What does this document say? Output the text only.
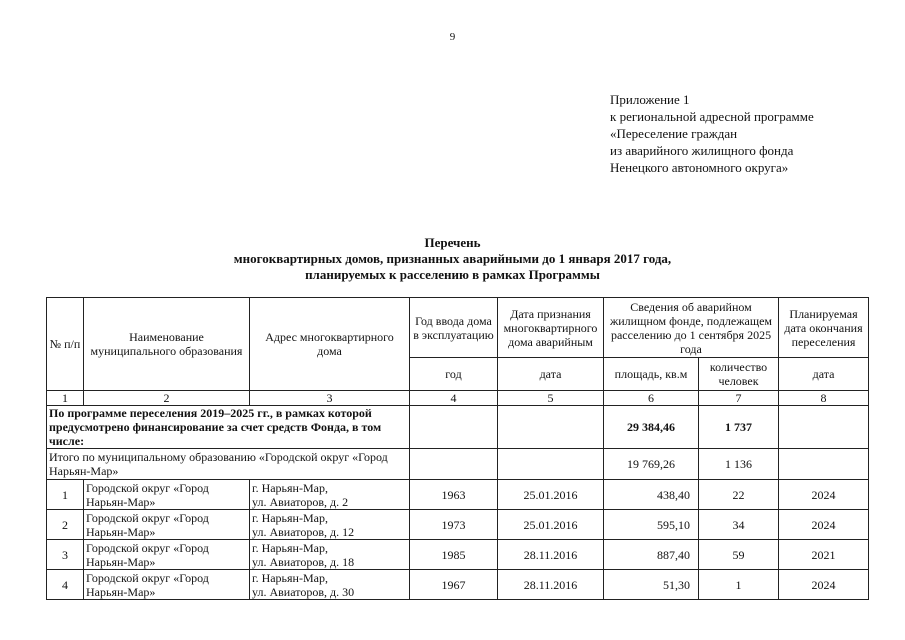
9
Приложение 1
к региональной адресной программе
«Переселение граждан
из аварийного жилищного фонда
Ненецкого автономного округа»
Перечень
многоквартирных домов, признанных аварийными до 1 января 2017 года,
планируемых к расселению в рамках Программы
№ п/п	Наименование муниципального образования	Адрес многоквартирного дома	Год ввода дома в эксплуатацию	Дата признания многоквартирного дома аварийным	Сведения об аварийном жилищном фонде, подлежащем расселению до 1 сентября 2025 года		Планируемая дата окончания переселения
			год	дата	площадь, кв.м	количество человек	дата
1	2	3	4	5	6	7	8
По программе переселения 2019–2025 гг., в рамках которой предусмотрено финансирование за счет средств Фонда, в том числе:					29 384,46	1 737	
Итого по муниципальному образованию «Городской округ «Город Нарьян-Мар»					19 769,26	1 136	
1	Городской округ «Город Нарьян-Мар»	г. Нарьян-Мар,
ул. Авиаторов, д. 2	1963	25.01.2016	438,40	22	2024
2	Городской округ «Город Нарьян-Мар»	г. Нарьян-Мар,
ул. Авиаторов, д. 12	1973	25.01.2016	595,10	34	2024
3	Городской округ «Город Нарьян-Мар»	г. Нарьян-Мар,
ул. Авиаторов, д. 18	1985	28.11.2016	887,40	59	2021
4	Городской округ «Город Нарьян-Мар»	г. Нарьян-Мар,
ул. Авиаторов, д. 30	1967	28.11.2016	51,30	1	2024
